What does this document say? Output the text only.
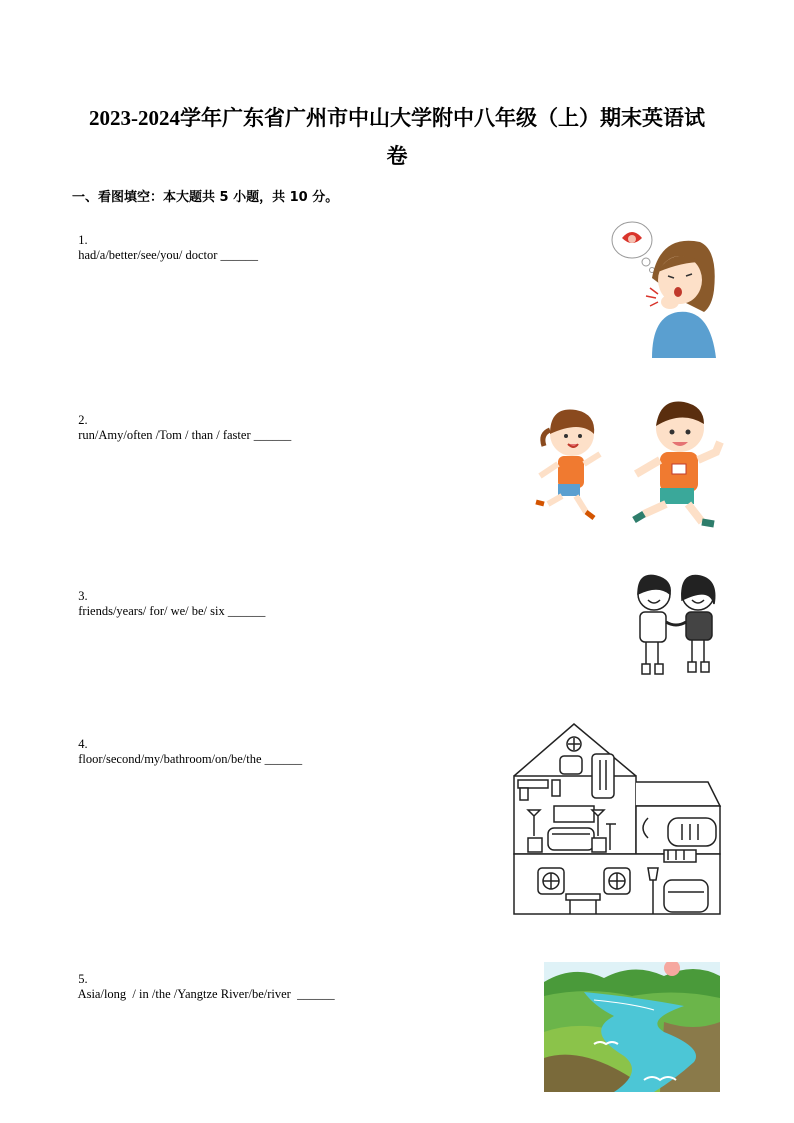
2023-2024学年广东省广州市中山大学附中八年级（上）期末英语试
卷
一、看图填空：本大题共 5 小题，共 10 分。

1.
had/a/better/see/you/ doctor ______

2.
run/Amy/often /Tom / than / faster ______

3.
friends/years/ for/ we/ be/ six ______

4.
floor/second/my/bathroom/on/be/the ______

5.
Asia/long  / in /the /Yangtze River/be/river  ______
